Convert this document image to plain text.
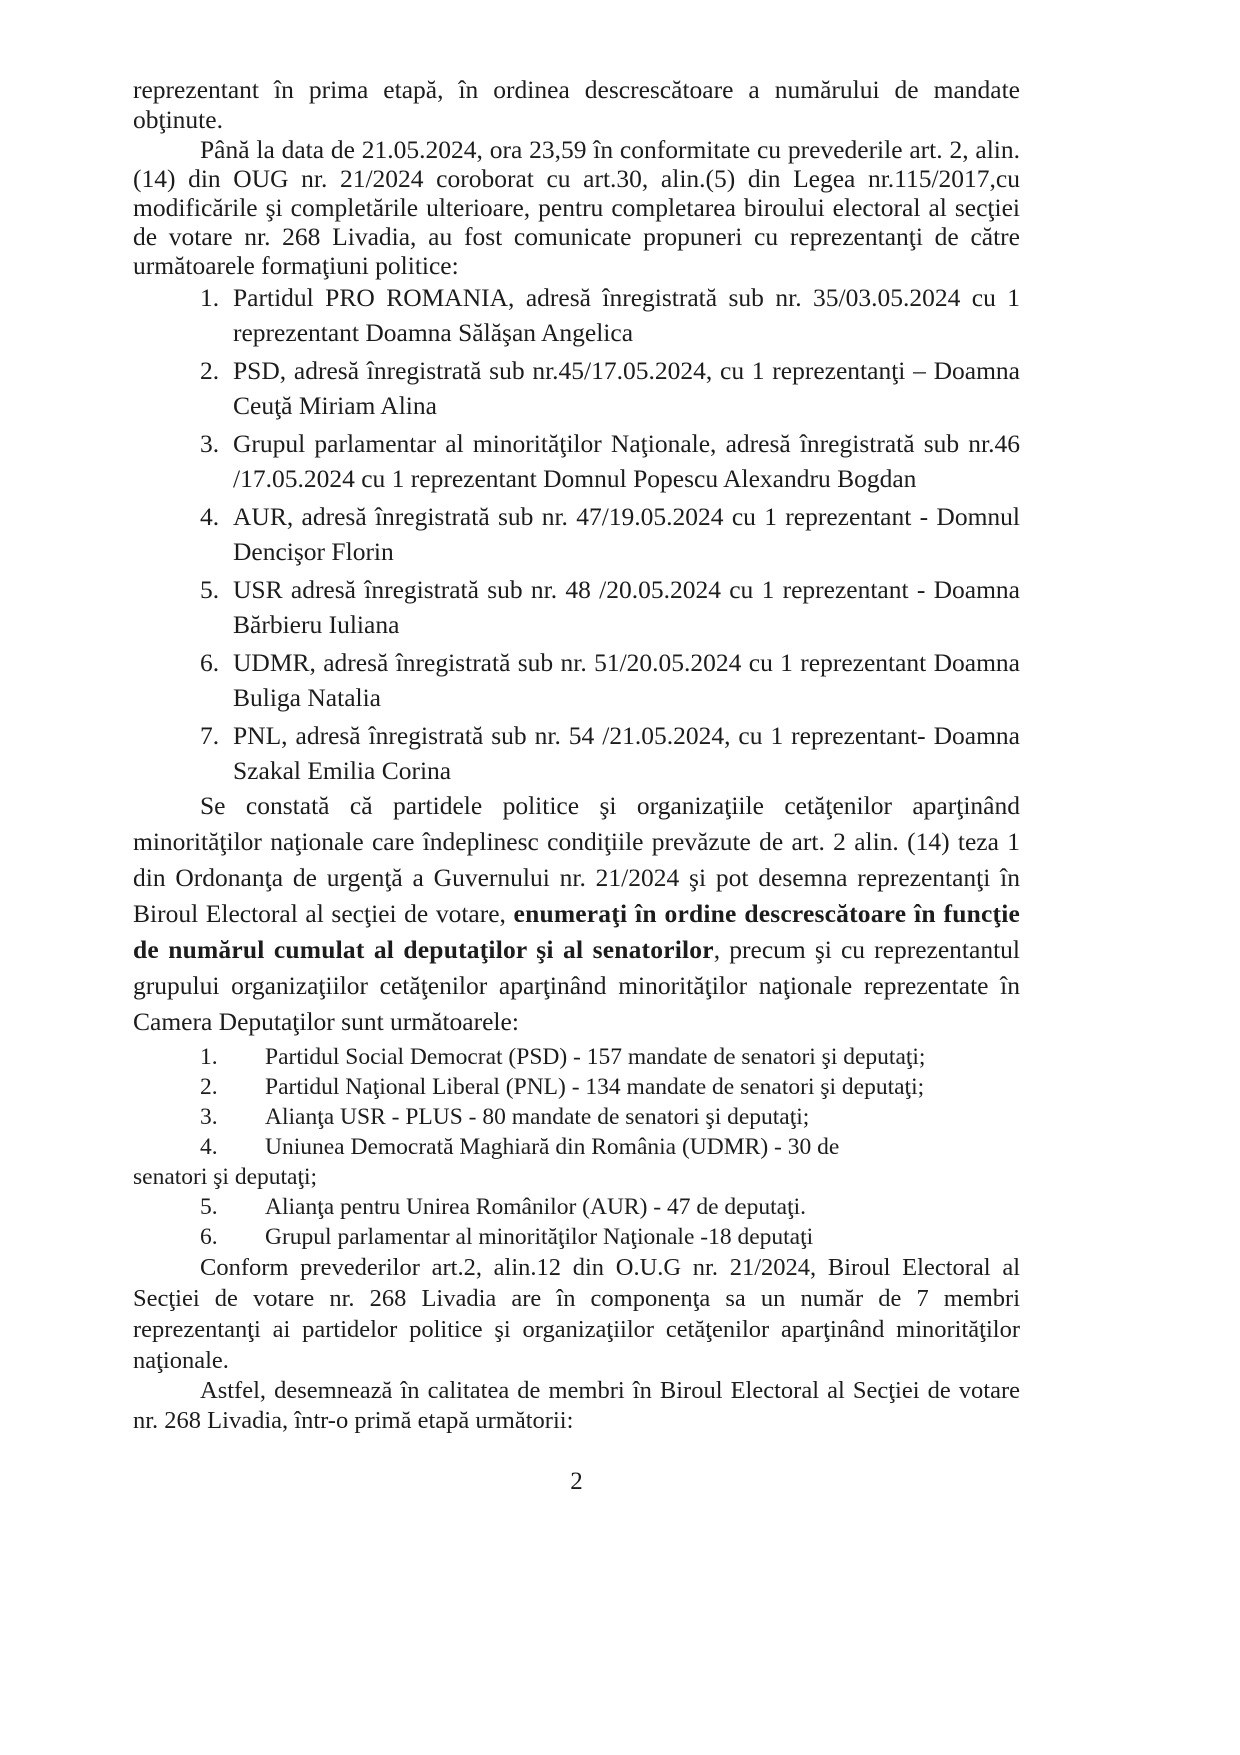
reprezentant în prima etapă, în ordinea descrescătoare a numărului de mandate obţinute.

Până la data de 21.05.2024, ora 23,59 în conformitate cu prevederile art. 2, alin.(14) din OUG nr. 21/2024 coroborat cu art.30, alin.(5) din Legea nr.115/2017,cu modificările şi completările ulterioare, pentru completarea biroului electoral al secţiei de votare nr. 268 Livadia, au fost comunicate propuneri cu reprezentanţi de către următoarele formaţiuni politice:

1. Partidul PRO ROMANIA, adresă înregistrată sub nr. 35/03.05.2024 cu 1 reprezentant Doamna Sălăşan Angelica
2. PSD, adresă înregistrată sub nr.45/17.05.2024, cu 1 reprezentanţi – Doamna Ceuţă Miriam Alina
3. Grupul parlamentar al minorităţilor Naţionale, adresă înregistrată sub nr.46 /17.05.2024 cu 1 reprezentant Domnul Popescu Alexandru Bogdan
4. AUR, adresă înregistrată sub nr. 47/19.05.2024 cu 1 reprezentant - Domnul Dencişor Florin
5. USR adresă înregistrată sub nr. 48 /20.05.2024 cu 1 reprezentant - Doamna Bărbieru Iuliana
6. UDMR, adresă înregistrată sub nr. 51/20.05.2024 cu 1 reprezentant Doamna Buliga Natalia
7. PNL, adresă înregistrată sub nr. 54 /21.05.2024, cu 1 reprezentant- Doamna Szakal Emilia Corina

Se constată că partidele politice şi organizaţiile cetăţenilor aparţinând minorităţilor naţionale care îndeplinesc condiţiile prevăzute de art. 2 alin. (14) teza 1 din Ordonanţa de urgenţă a Guvernului nr. 21/2024 şi pot desemna reprezentanţi în Biroul Electoral al secţiei de votare, enumeraţi în ordine descrescătoare în funcţie de numărul cumulat al deputaţilor şi al senatorilor, precum şi cu reprezentantul grupului organizaţiilor cetăţenilor aparţinând minorităţilor naţionale reprezentate în Camera Deputaţilor sunt următoarele:

1. Partidul Social Democrat (PSD) - 157 mandate de senatori şi deputaţi;
2. Partidul Naţional Liberal (PNL) - 134 mandate de senatori şi deputaţi;
3. Alianţa USR - PLUS - 80 mandate de senatori şi deputaţi;
4. Uniunea Democrată Maghiară din România (UDMR) - 30 de senatori şi deputaţi;
5. Alianţa pentru Unirea Românilor (AUR) - 47 de deputaţi.
6. Grupul parlamentar al minorităţilor Naţionale -18 deputaţi

Conform prevederilor art.2, alin.12 din O.U.G nr. 21/2024, Biroul Electoral al Secţiei de votare nr. 268 Livadia are în componenţa sa un număr de 7 membri reprezentanţi ai partidelor politice şi organizaţiilor cetăţenilor aparţinând minorităţilor naţionale.

Astfel, desemnează în calitatea de membri în Biroul Electoral al Secţiei de votare nr. 268 Livadia, într-o primă etapă următorii:

2
